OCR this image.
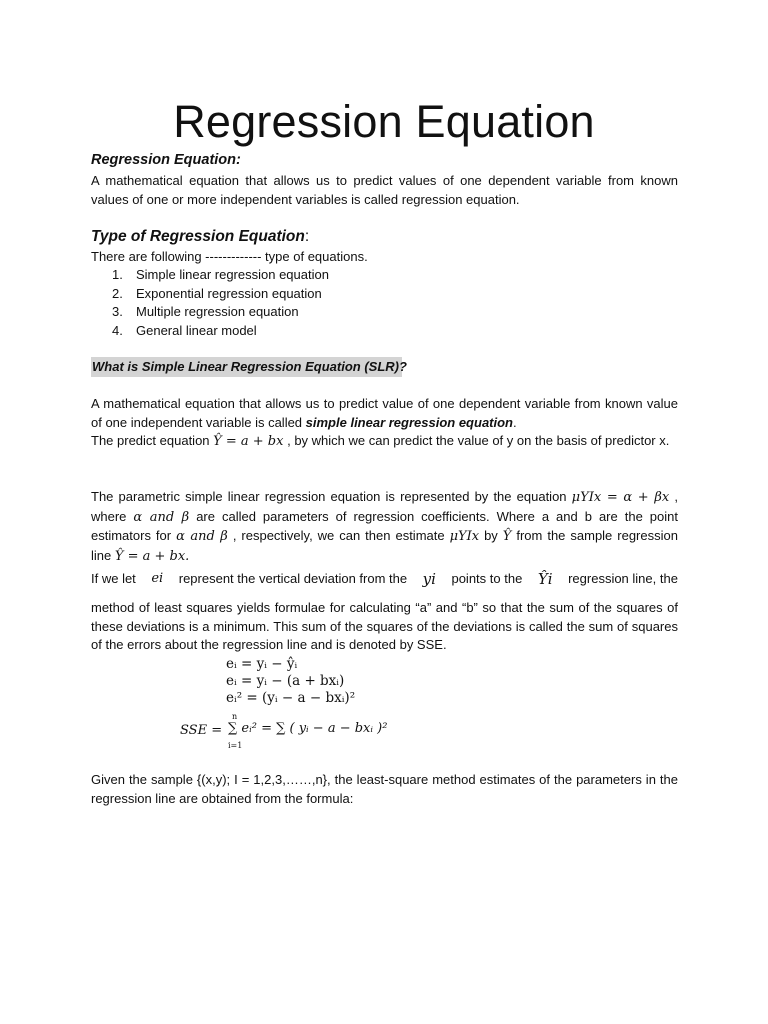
Regression Equation
Regression Equation:
A mathematical equation that allows us to predict values of one dependent variable from known values of one or more independent variables is called regression equation.
Type of Regression Equation:
There are following ------------- type of equations.
1. Simple linear regression equation
2. Exponential regression equation
3. Multiple regression equation
4. General linear model
What is Simple Linear Regression Equation (SLR)?
A mathematical equation that allows us to predict value of one dependent variable from known value of one independent variable is called simple linear regression equation.
The predict equation Ŷ = a + bx , by which we can predict the value of y on the basis of predictor x.
The parametric simple linear regression equation is represented by the equation μYIx = α + βx , where α and β are called parameters of regression coefficients. Where a and b are the point estimators for α and β , respectively, we can then estimate μYIx by Ŷ from the sample regression line Ŷ = a + bx.
If we let ei represent the vertical deviation from the yi points to the Ŷi regression line, the
method of least squares yields formulae for calculating “a” and “b” so that the sum of the squares of these deviations is a minimum. This sum of the squares of the deviations is called the sum of squares of the errors about the regression line and is denoted by SSE.
eᵢ = yᵢ − ŷᵢ
eᵢ = yᵢ − (a + bxᵢ)
eᵢ² = (yᵢ − a − bxᵢ)²
SSE =
n
∑ eᵢ² = ∑ ( yᵢ − a − bxᵢ )²
i=1
Given the sample {(x,y); I = 1,2,3,……,n}, the least-square method estimates of the parameters in the regression line are obtained from the formula:
